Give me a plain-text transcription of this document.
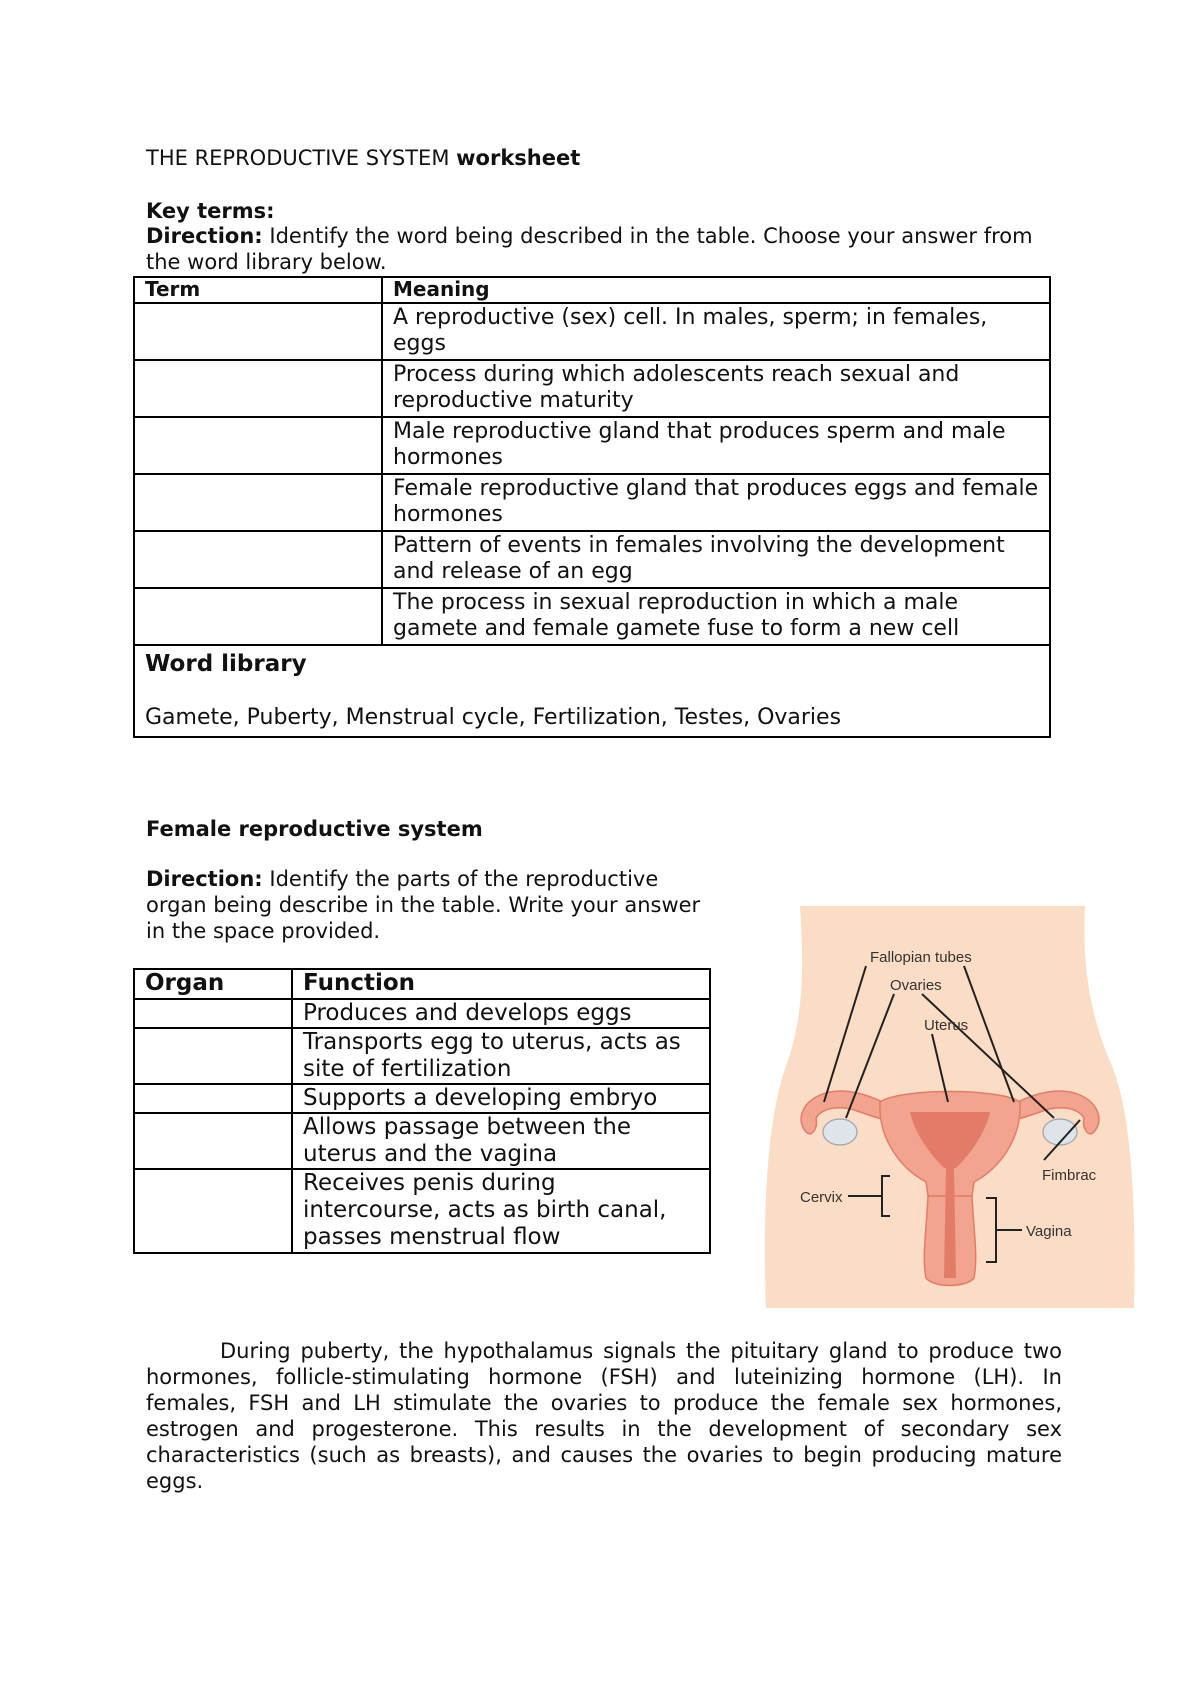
THE REPRODUCTIVE SYSTEM worksheet
Key terms:
Direction: Identify the word being described in the table. Choose your answer from the word library below.
Term	Meaning
	A reproductive (sex) cell. In males, sperm; in females, eggs
	Process during which adolescents reach sexual and reproductive maturity
	Male reproductive gland that produces sperm and male hormones
	Female reproductive gland that produces eggs and female hormones
	Pattern of events in females involving the development and release of an egg
	The process in sexual reproduction in which a male gamete and female gamete fuse to form a new cell

Word library
Gamete, Puberty, Menstrual cycle, Fertilization, Testes, Ovaries	
Female reproductive system
Direction: Identify the parts of the reproductive organ being describe in the table. Write your answer in the space provided.
Organ	Function
	Produces and develops eggs
	Transports egg to uterus, acts as site of fertilization
	Supports a developing embryo
	Allows passage between the uterus and the vagina
	Receives penis during intercourse, acts as birth canal, passes menstrual flow
Fallopian tubes
Ovaries
Uterus
Cervix
Fimbrac
Vagina
During puberty, the hypothalamus signals the pituitary gland to produce two hormones, follicle-stimulating hormone (FSH) and luteinizing hormone (LH). In females, FSH and LH stimulate the ovaries to produce the female sex hormones, estrogen and progesterone. This results in the development of secondary sex characteristics (such as breasts), and causes the ovaries to begin producing mature eggs.
